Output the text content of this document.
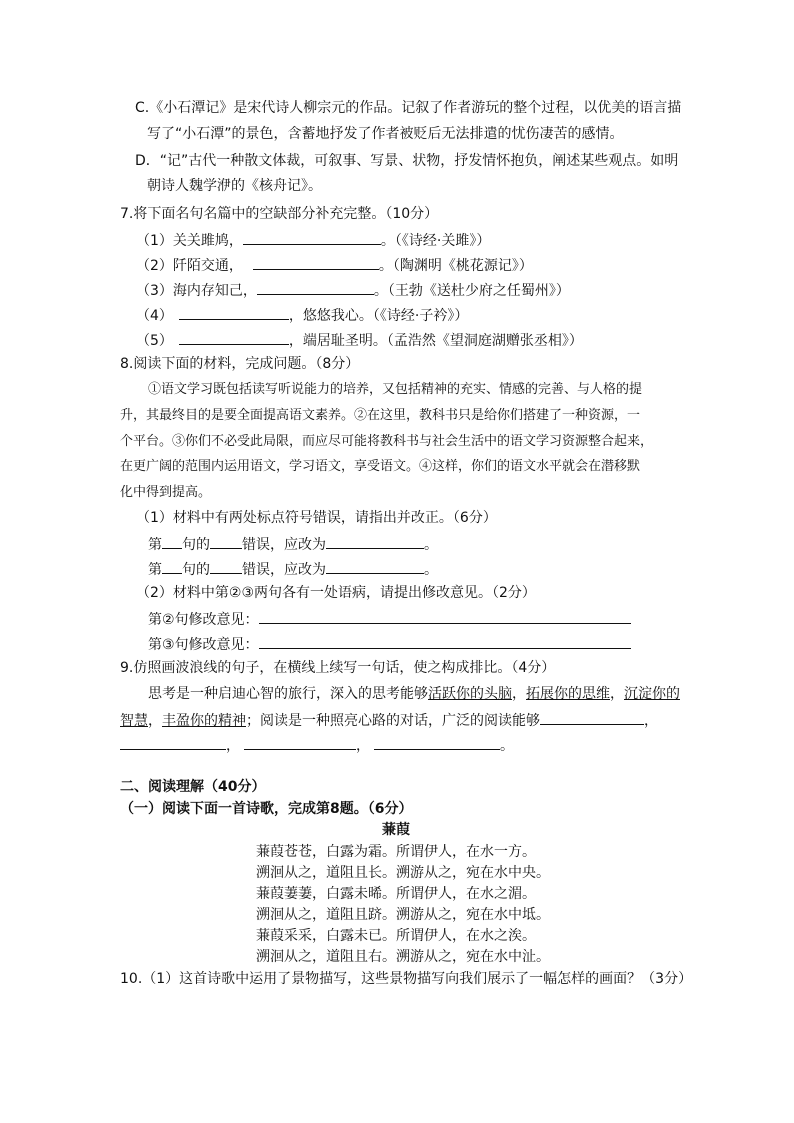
C.《小石潭记》是宋代诗人柳宗元的作品。记叙了作者游玩的整个过程，以优美的语言描
写了“小石潭”的景色，含蓄地抒发了作者被贬后无法排遣的忧伤凄苦的感情。
D．“记”古代一种散文体裁，可叙事、写景、状物，抒发情怀抱负，阐述某些观点。如明
朝诗人魏学洢的《核舟记》。
7.将下面名句名篇中的空缺部分补充完整。（10分）
（1）关关雎鸠，	。（《诗经·关雎》）
（2）阡陌交通，	。（陶渊明《桃花源记》）
（3）海内存知己，	。（王勃《送杜少府之任蜀州》）
（4）	，悠悠我心。（《诗经·子衿》）
（5）	，端居耻圣明。（孟浩然《望洞庭湖赠张丞相》）
8.阅读下面的材料，完成问题。（8分）
①语文学习既包括读写听说能力的培养，又包括精神的充实、情感的完善、与人格的提
升，其最终目的是要全面提高语文素养。②在这里，教科书只是给你们搭建了一种资源，一
个平台。③你们不必受此局限，而应尽可能将教科书与社会生活中的语文学习资源整合起来，
在更广阔的范围内运用语文，学习语文，享受语文。④这样，你们的语文水平就会在潜移默
化中得到提高。
（1）材料中有两处标点符号错误，请指出并改正。（6分）
第 句的 错误，应改为	。
第 句的 错误，应改为	。
（2）材料中第②③两句各有一处语病，请提出修改意见。（2分）
第②句修改意见：
第③句修改意见：
9.仿照画波浪线的句子，在横线上续写一句话，使之构成排比。（4分）
思考是一种启迪心智的旅行，深入的思考能够活跃你的头脑，拓展你的思维，沉淀你的
智慧，丰盈你的精神；阅读是一种照亮心路的对话，广泛的阅读能够	，
，	，	。
二、阅读理解（40分）
（一）阅读下面一首诗歌，完成第8题。（6分）
蒹葭
蒹葭苍苍，白露为霜。所谓伊人，在水一方。
溯洄从之，道阻且长。溯游从之，宛在水中央。
蒹葭萋萋，白露未晞。所谓伊人，在水之湄。
溯洄从之，道阻且跻。溯游从之，宛在水中坻。
蒹葭采采，白露未已。所谓伊人，在水之涘。
溯洄从之，道阻且右。溯游从之，宛在水中沚。
10.（1）这首诗歌中运用了景物描写，这些景物描写向我们展示了一幅怎样的画面？（3分）
